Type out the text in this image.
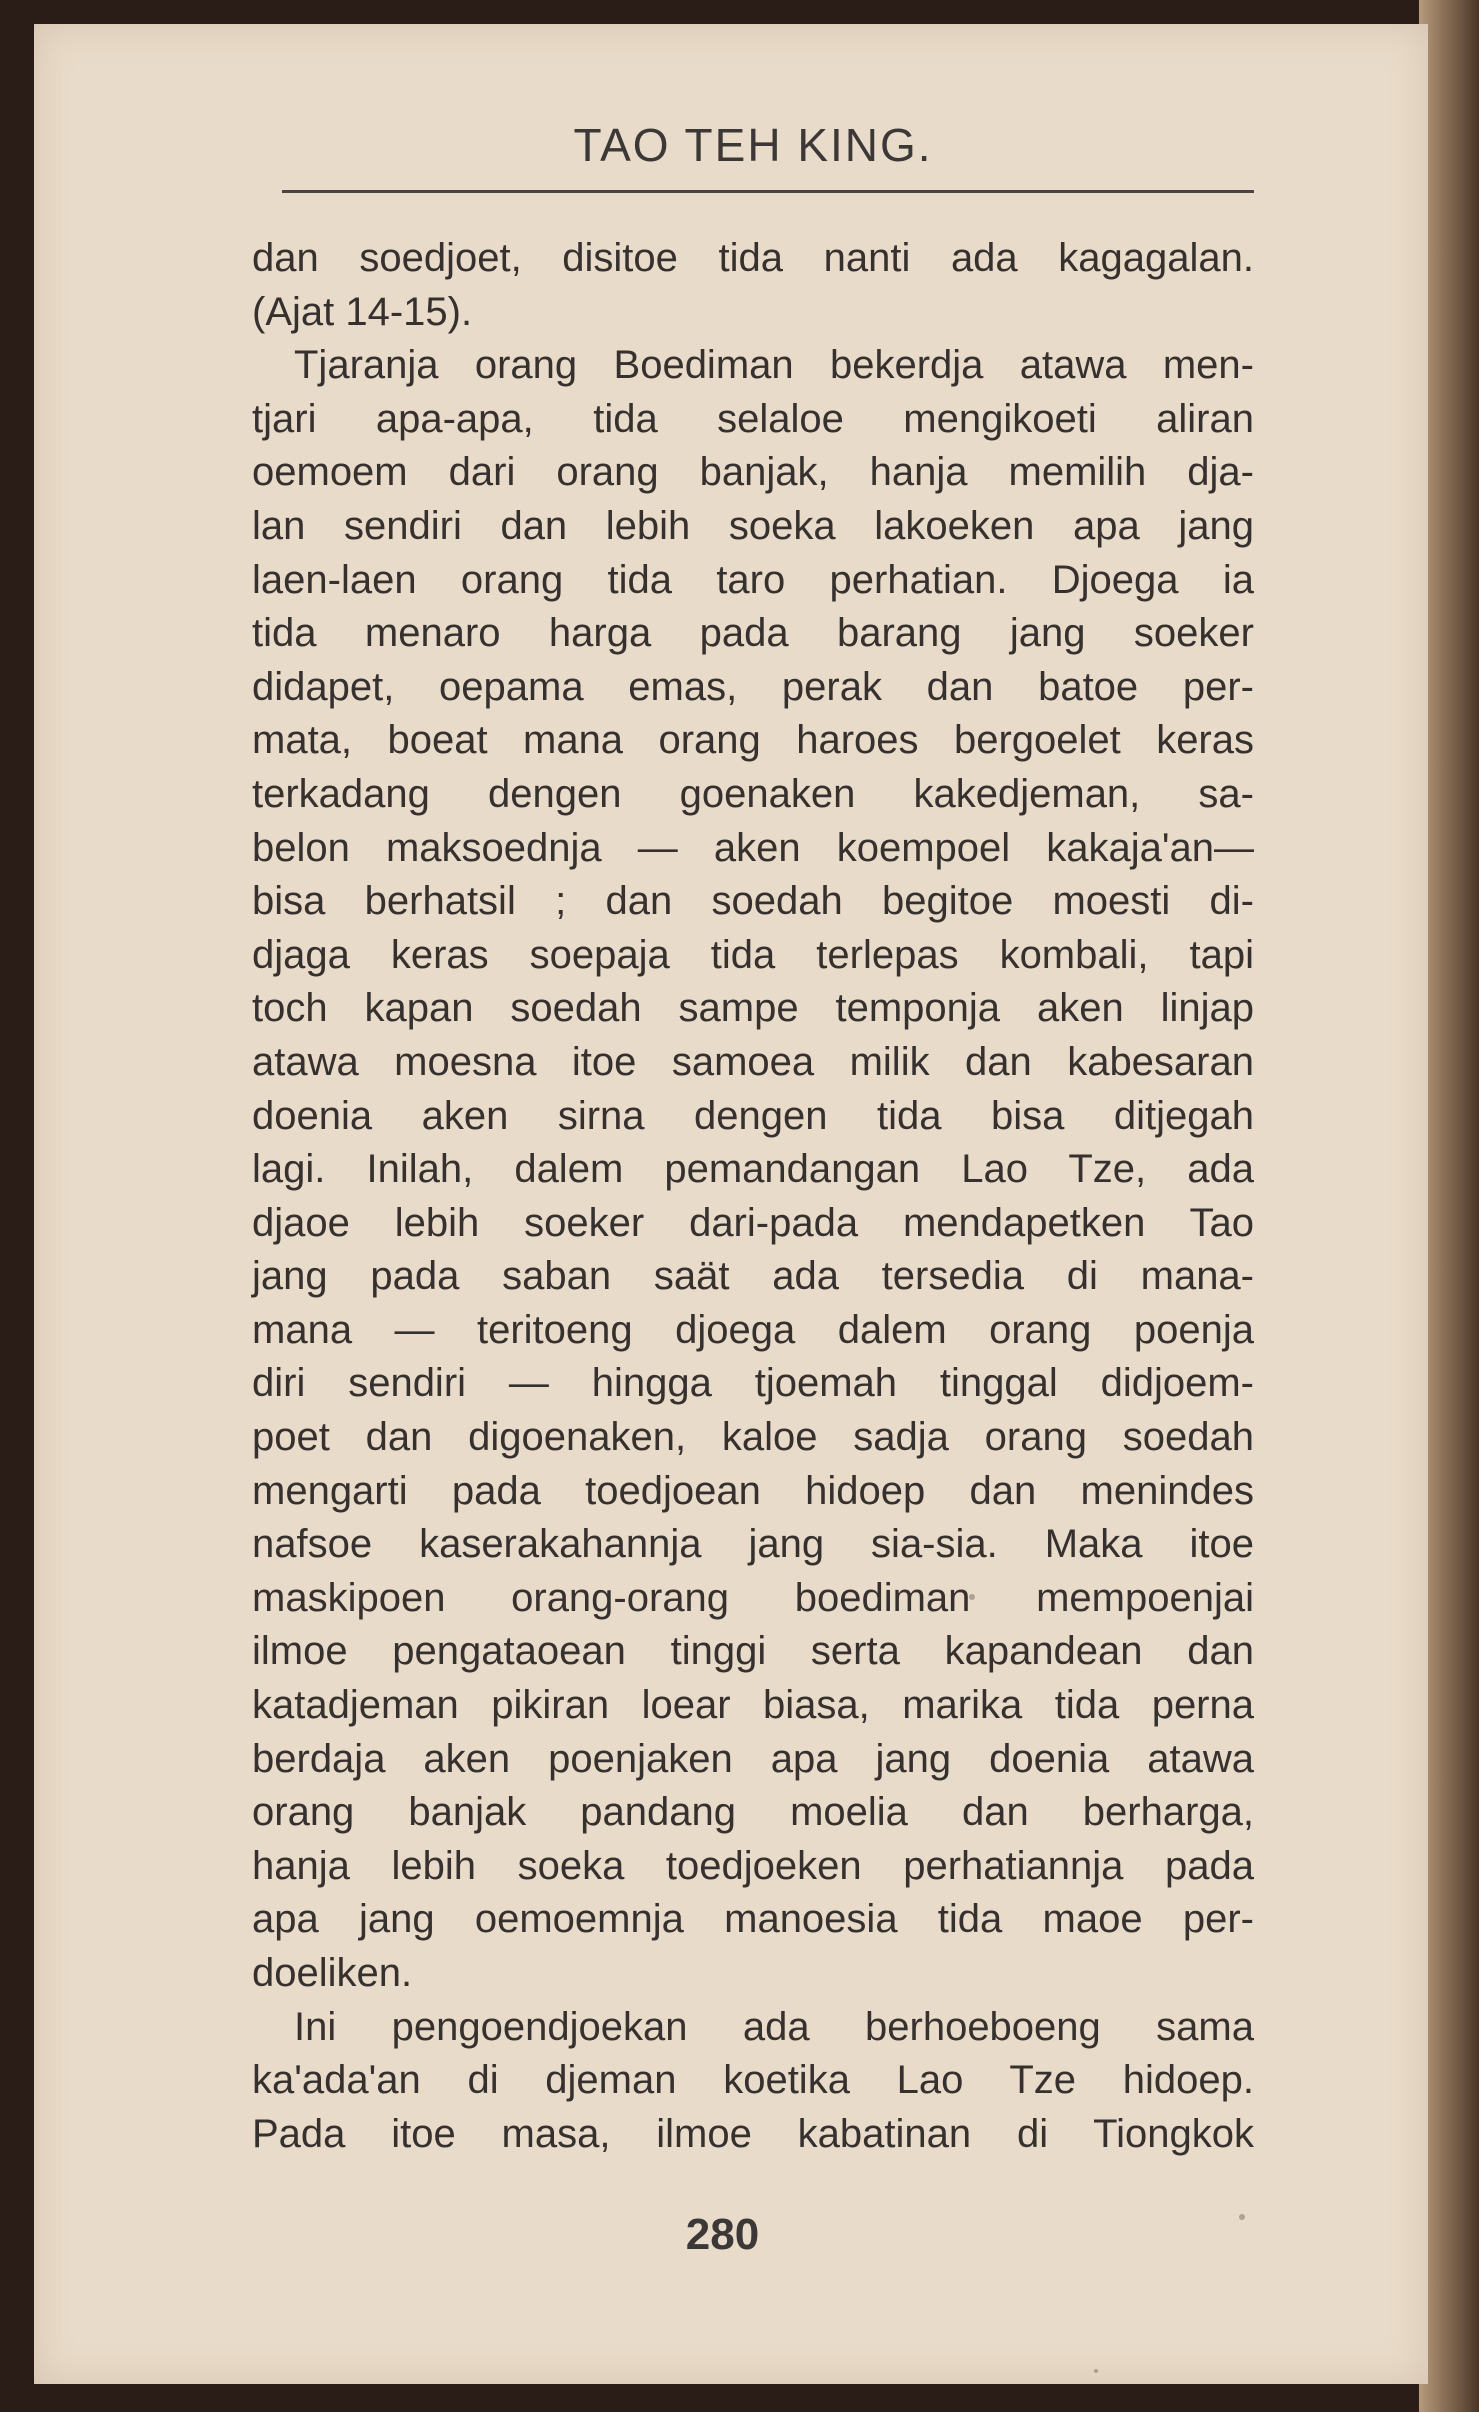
TAO TEH KING.
dan soedjoet, disitoe tida nanti ada kagagalan.
(Ajat 14-15).
Tjaranja orang Boediman bekerdja atawa men-
tjari apa-apa, tida selaloe mengikoeti aliran
oemoem dari orang banjak, hanja memilih dja-
lan sendiri dan lebih soeka lakoeken apa jang
laen-laen orang tida taro perhatian. Djoega ia
tida menaro harga pada barang jang soeker
didapet, oepama emas, perak dan batoe per-
mata, boeat mana orang haroes bergoelet keras
terkadang dengen goenaken kakedjeman, sa-
belon maksoednja — aken koempoel kakaja'an—
bisa berhatsil ; dan soedah begitoe moesti di-
djaga keras soepaja tida terlepas kombali, tapi
toch kapan soedah sampe temponja aken linjap
atawa moesna itoe samoea milik dan kabesaran
doenia aken sirna dengen tida bisa ditjegah
lagi. Inilah, dalem pemandangan Lao Tze, ada
djaoe lebih soeker dari-pada mendapetken Tao
jang pada saban saät ada tersedia di mana-
mana — teritoeng djoega dalem orang poenja
diri sendiri — hingga tjoemah tinggal didjoem-
poet dan digoenaken, kaloe sadja orang soedah
mengarti pada toedjoean hidoep dan menindes
nafsoe kaserakahannja jang sia-sia. Maka itoe
maskipoen orang-orang boediman mempoenjai
ilmoe pengataoean tinggi serta kapandean dan
katadjeman pikiran loear biasa, marika tida perna
berdaja aken poenjaken apa jang doenia atawa
orang banjak pandang moelia dan berharga,
hanja lebih soeka toedjoeken perhatiannja pada
apa jang oemoemnja manoesia tida maoe per-
doeliken.
Ini pengoendjoekan ada berhoeboeng sama
ka'ada'an di djeman koetika Lao Tze hidoep.
Pada itoe masa, ilmoe kabatinan di Tiongkok
280
